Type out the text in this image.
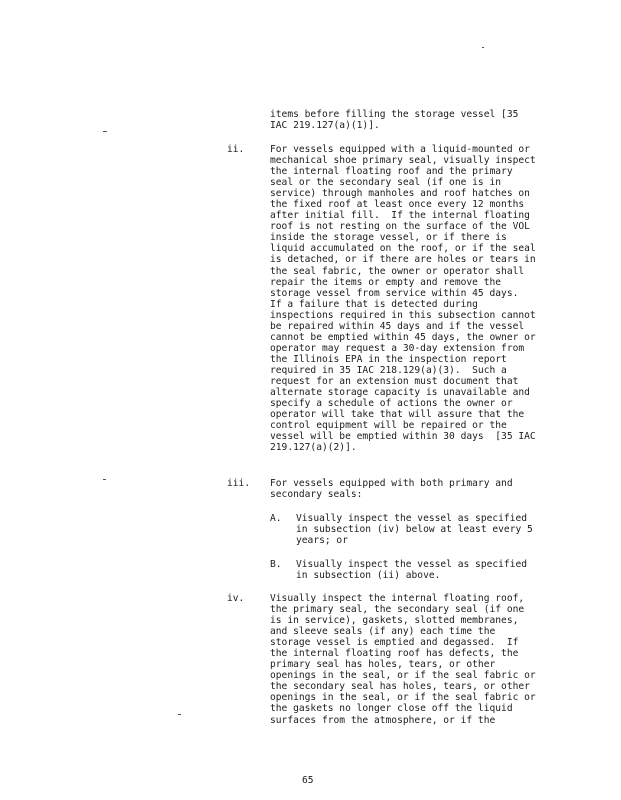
items before filling the storage vessel [35
IAC 219.127(a)(1)].
ii.	For vessels equipped with a liquid-mounted or
mechanical shoe primary seal, visually inspect
the internal floating roof and the primary
seal or the secondary seal (if one is in
service) through manholes and roof hatches on
the fixed roof at least once every 12 months
after initial fill.  If the internal floating
roof is not resting on the surface of the VOL
inside the storage vessel, or if there is
liquid accumulated on the roof, or if the seal
is detached, or if there are holes or tears in
the seal fabric, the owner or operator shall
repair the items or empty and remove the
storage vessel from service within 45 days.
If a failure that is detected during
inspections required in this subsection cannot
be repaired within 45 days and if the vessel
cannot be emptied within 45 days, the owner or
operator may request a 30-day extension from
the Illinois EPA in the inspection report
required in 35 IAC 218.129(a)(3).  Such a
request for an extension must document that
alternate storage capacity is unavailable and
specify a schedule of actions the owner or
operator will take that will assure that the
control equipment will be repaired or the
vessel will be emptied within 30 days  [35 IAC
219.127(a)(2)].
iii. For vessels equipped with both primary and
secondary seals:
A. Visually inspect the vessel as specified
in subsection (iv) below at least every 5
years; or
B. Visually inspect the vessel as specified
in subsection (ii) above.
iv.	Visually inspect the internal floating roof,
the primary seal, the secondary seal (if one
is in service), gaskets, slotted membranes,
and sleeve seals (if any) each time the
storage vessel is emptied and degassed.  If
the internal floating roof has defects, the
primary seal has holes, tears, or other
openings in the seal, or if the seal fabric or
the secondary seal has holes, tears, or other
openings in the seal, or if the seal fabric or
the gaskets no longer close off the liquid
surfaces from the atmosphere, or if the
65
